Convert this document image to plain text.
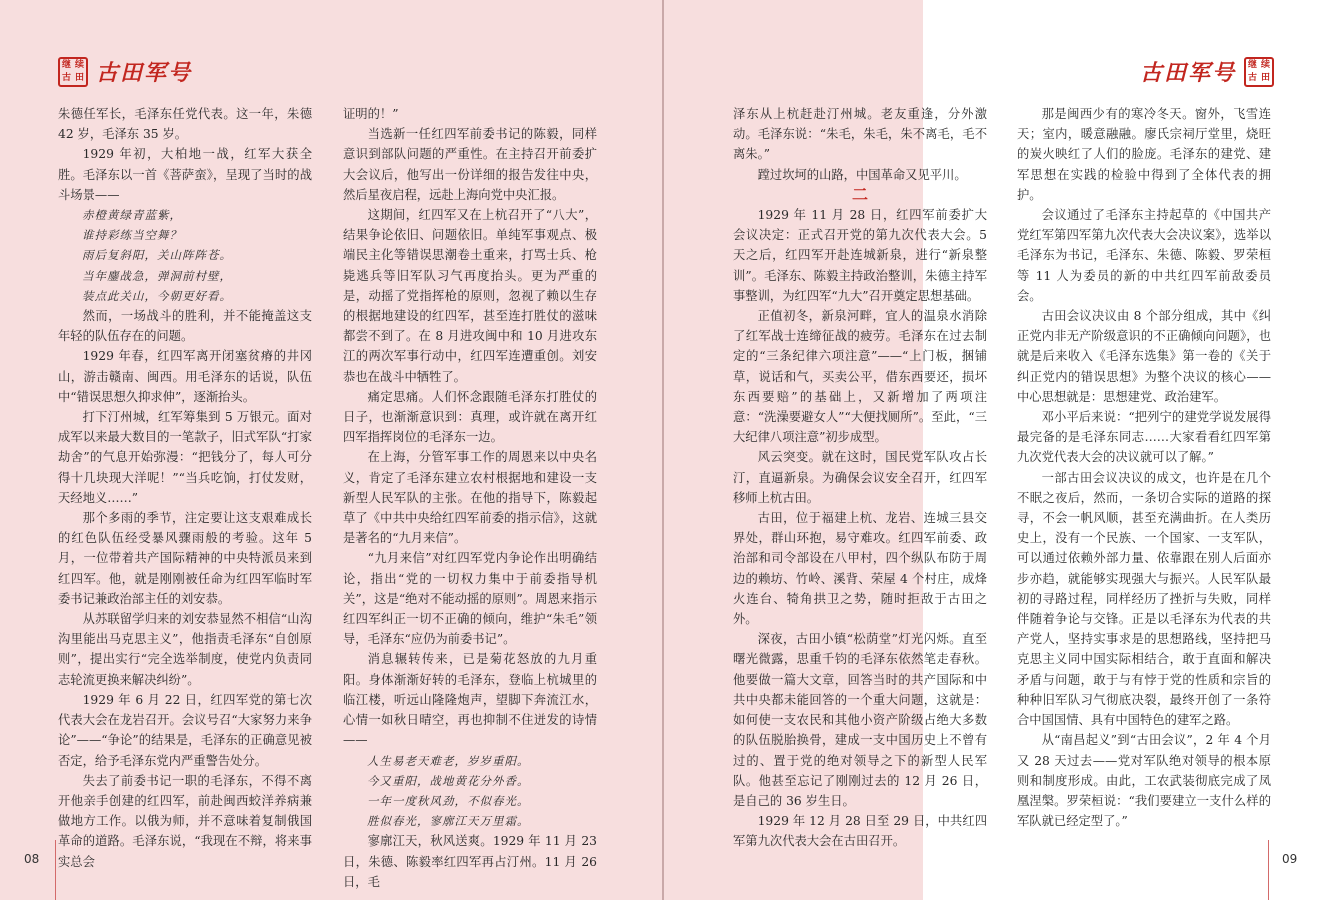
继 续
古 田 古田军号	继 续
古 田
古田军号

朱德任军长，毛泽东任党代表。这一年，朱德 42 岁，毛泽东 35 岁。

1929 年初，大柏地一战，红军大获全胜。毛泽东以一首《菩萨蛮》，呈现了当时的战斗场景——

赤橙黄绿青蓝紫，

谁持彩练当空舞？

雨后复斜阳，关山阵阵苍。

当年鏖战急，弹洞前村壁，

装点此关山，今朝更好看。

然而，一场战斗的胜利，并不能掩盖这支年轻的队伍存在的问题。

1929 年春，红四军离开闭塞贫瘠的井冈山，游击赣南、闽西。用毛泽东的话说，队伍中“错误思想久抑求伸”，逐渐抬头。

打下汀州城，红军筹集到 5 万银元。面对成军以来最大数目的一笔款子，旧式军队“打家劫舍”的气息开始弥漫：“把钱分了，每人可分得十几块现大洋呢！”“当兵吃饷，打仗发财，天经地义……”

那个多雨的季节，注定要让这支艰难成长的红色队伍经受暴风骤雨般的考验。这年 5 月，一位带着共产国际精神的中央特派员来到红四军。他，就是刚刚被任命为红四军临时军委书记兼政治部主任的刘安恭。

从苏联留学归来的刘安恭显然不相信“山沟沟里能出马克思主义”，他指责毛泽东“自创原则”，提出实行“完全选举制度，使党内负责同志轮流更换来解决纠纷”。

1929 年 6 月 22 日，红四军党的第七次代表大会在龙岩召开。会议号召“大家努力来争论”——“争论”的结果是，毛泽东的正确意见被否定，给予毛泽东党内严重警告处分。

失去了前委书记一职的毛泽东，不得不离开他亲手创建的红四军，前赴闽西蛟洋养病兼做地方工作。以俄为师，并不意味着复制俄国革命的道路。毛泽东说，“我现在不辩，将来事实总会

证明的！”

当选新一任红四军前委书记的陈毅，同样意识到部队问题的严重性。在主持召开前委扩大会议后，他写出一份详细的报告发往中央，然后星夜启程，远赴上海向党中央汇报。

这期间，红四军又在上杭召开了“八大”，结果争论依旧、问题依旧。单纯军事观点、极端民主化等错误思潮卷土重来，打骂士兵、枪毙逃兵等旧军队习气再度抬头。更为严重的是，动摇了党指挥枪的原则，忽视了赖以生存的根据地建设的红四军，甚至连打胜仗的滋味都尝不到了。在 8 月进攻闽中和 10 月进攻东江的两次军事行动中，红四军连遭重创。刘安恭也在战斗中牺牲了。

痛定思痛。人们怀念跟随毛泽东打胜仗的日子，也渐渐意识到：真理，或许就在离开红四军指挥岗位的毛泽东一边。

在上海，分管军事工作的周恩来以中央名义，肯定了毛泽东建立农村根据地和建设一支新型人民军队的主张。在他的指导下，陈毅起草了《中共中央给红四军前委的指示信》，这就是著名的“九月来信”。

“九月来信”对红四军党内争论作出明确结论，指出“党的一切权力集中于前委指导机关”，这是“绝对不能动摇的原则”。周恩来指示红四军纠正一切不正确的倾向，维护“朱毛”领导，毛泽东“应仍为前委书记”。

消息辗转传来，已是菊花怒放的九月重阳。身体渐渐好转的毛泽东，登临上杭城里的临江楼，听远山隆隆炮声，望脚下奔流江水，心情一如秋日晴空，再也抑制不住迸发的诗情——

人生易老天难老，岁岁重阳。

今又重阳，战地黄花分外香。

一年一度秋风劲，不似春光。

胜似春光，寥廓江天万里霜。

寥廓江天，秋风送爽。1929 年 11 月 23 日，朱德、陈毅率红四军再占汀州。11 月 26 日，毛

泽东从上杭赶赴汀州城。老友重逢，分外激动。毛泽东说：“朱毛，朱毛，朱不离毛，毛不离朱。”

蹚过坎坷的山路，中国革命又见平川。

二

1929 年 11 月 28 日，红四军前委扩大会议决定：正式召开党的第九次代表大会。5 天之后，红四军开赴连城新泉，进行“新泉整训”。毛泽东、陈毅主持政治整训，朱德主持军事整训，为红四军“九大”召开奠定思想基础。

正值初冬，新泉河畔，宜人的温泉水消除了红军战士连缔征战的疲劳。毛泽东在过去制定的“三条纪律六项注意”——“上门板，捆铺草，说话和气，买卖公平，借东西要还，损坏东西要赔”的基础上，又新增加了两项注意：“洗澡要避女人”“大便找厕所”。至此，“三大纪律八项注意”初步成型。

风云突变。就在这时，国民党军队攻占长汀，直逼新泉。为确保会议安全召开，红四军移师上杭古田。

古田，位于福建上杭、龙岩、连城三县交界处，群山环抱，易守难攻。红四军前委、政治部和司令部设在八甲村，四个纵队布防于周边的赖坊、竹岭、溪背、荣屋 4 个村庄，成烽火连台、犄角拱卫之势，随时拒敌于古田之外。

深夜，古田小镇“松荫堂”灯光闪烁。直至曙光微露，思重千钧的毛泽东依然笔走春秋。他要做一篇大文章，回答当时的共产国际和中共中央都未能回答的一个重大问题，这就是：如何使一支农民和其他小资产阶级占绝大多数的队伍脱胎换骨，建成一支中国历史上不曾有过的、置于党的绝对领导之下的新型人民军队。他甚至忘记了刚刚过去的 12 月 26 日，是自己的 36 岁生日。

1929 年 12 月 28 日至 29 日，中共红四军第九次代表大会在古田召开。

那是闽西少有的寒冷冬天。窗外，飞雪连天；室内，暖意融融。廖氏宗祠厅堂里，烧旺的炭火映红了人们的脸庞。毛泽东的建党、建军思想在实践的检验中得到了全体代表的拥护。

会议通过了毛泽东主持起草的《中国共产党红军第四军第九次代表大会决议案》，选举以毛泽东为书记，毛泽东、朱德、陈毅、罗荣桓等 11 人为委员的新的中共红四军前敌委员会。

古田会议决议由 8 个部分组成，其中《纠正党内非无产阶级意识的不正确倾向问题》，也就是后来收入《毛泽东选集》第一卷的《关于纠正党内的错误思想》为整个决议的核心——中心思想就是：思想建党、政治建军。

邓小平后来说：“把列宁的建党学说发展得最完备的是毛泽东同志……大家看看红四军第九次党代表大会的决议就可以了解。”

一部古田会议决议的成文，也许是在几个不眠之夜后，然而，一条切合实际的道路的探寻，不会一帆风顺，甚至充满曲折。在人类历史上，没有一个民族、一个国家、一支军队，可以通过依赖外部力量、依靠跟在别人后面亦步亦趋，就能够实现强大与振兴。人民军队最初的寻路过程，同样经历了挫折与失败，同样伴随着争论与交锋。正是以毛泽东为代表的共产党人，坚持实事求是的思想路线，坚持把马克思主义同中国实际相结合，敢于直面和解决矛盾与问题，敢于与有悖于党的性质和宗旨的种种旧军队习气彻底决裂，最终开创了一条符合中国国情、具有中国特色的建军之路。

从“南昌起义”到“古田会议”，2 年 4 个月又 28 天过去——党对军队绝对领导的根本原则和制度形成。由此，工农武装彻底完成了凤凰涅槃。罗荣桓说：“我们要建立一支什么样的军队就已经定型了。”

08	09
